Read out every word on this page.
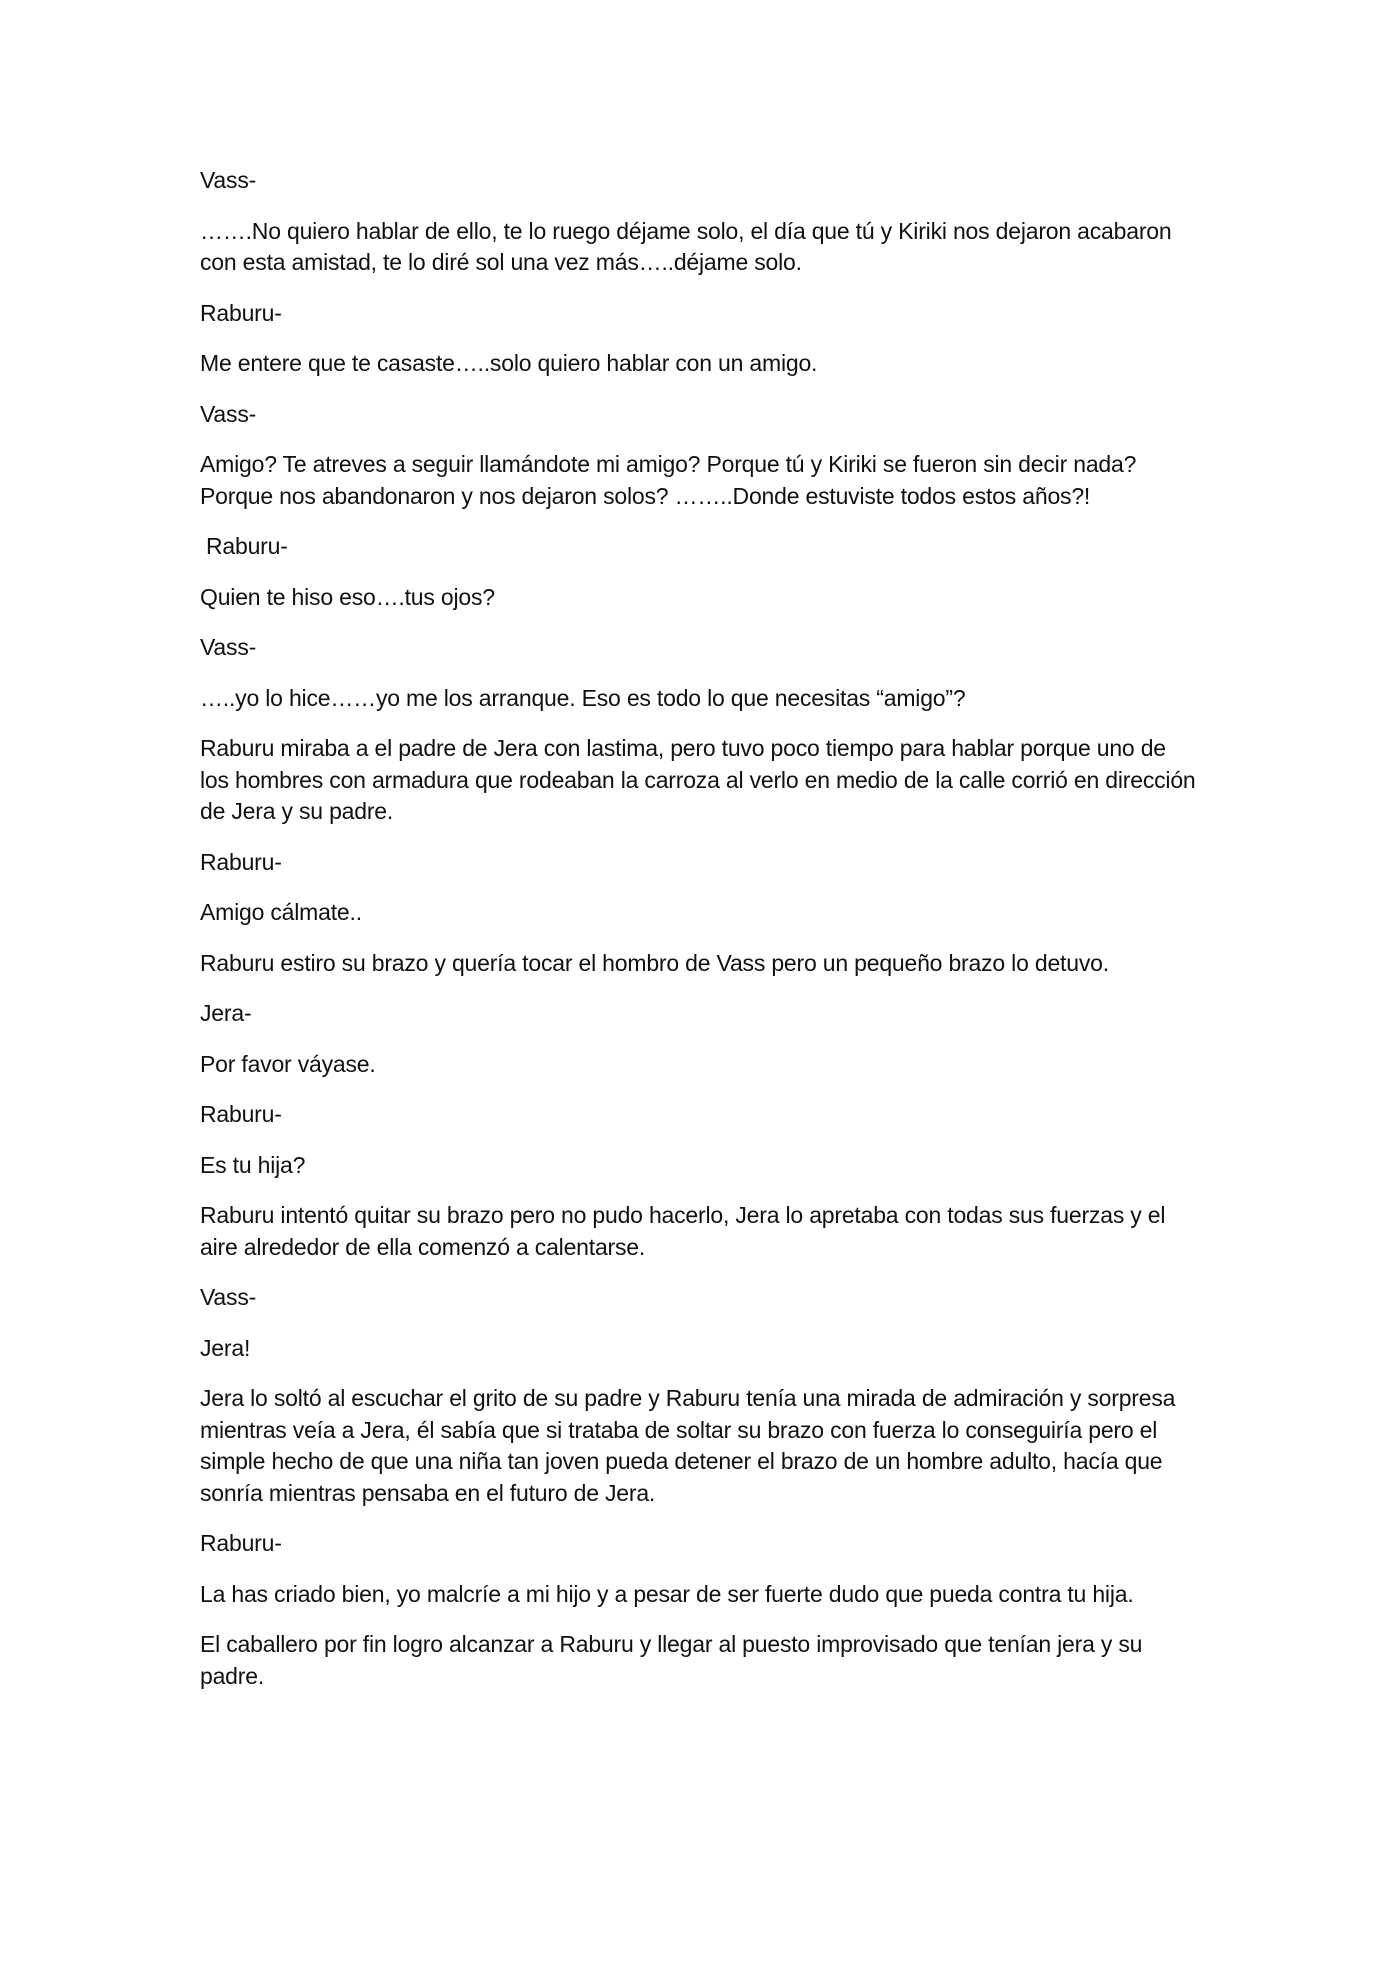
Vass-

…….No quiero hablar de ello, te lo ruego déjame solo, el día que tú y Kiriki nos dejaron acabaron con esta amistad, te lo diré sol una vez más…..déjame solo.

Raburu-

Me entere que te casaste…..solo quiero hablar con un amigo.

Vass-

Amigo? Te atreves a seguir llamándote mi amigo? Porque tú y Kiriki se fueron sin decir nada? Porque nos abandonaron y nos dejaron solos? ……..Donde estuviste todos estos años?!

Raburu-

Quien te hiso eso….tus ojos?

Vass-

…..yo lo hice……yo me los arranque. Eso es todo lo que necesitas “amigo”?

Raburu miraba a el padre de Jera con lastima, pero tuvo poco tiempo para hablar porque uno de los hombres con armadura que rodeaban la carroza al verlo en medio de la calle corrió en dirección de Jera y su padre.

Raburu-

Amigo cálmate..

Raburu estiro su brazo y quería tocar el hombro de Vass pero un pequeño brazo lo detuvo.

Jera-

Por favor váyase.

Raburu-

Es tu hija?

Raburu intentó quitar su brazo pero no pudo hacerlo, Jera lo apretaba con todas sus fuerzas y el aire alrededor de ella comenzó a calentarse.

Vass-

Jera!

Jera lo soltó al escuchar el grito de su padre y Raburu tenía una mirada de admiración y sorpresa mientras veía a Jera, él sabía que si trataba de soltar su brazo con fuerza lo conseguiría pero el simple hecho de que una niña tan joven pueda detener el brazo de un hombre adulto, hacía que sonría mientras pensaba en el futuro de Jera.

Raburu-

La has criado bien, yo malcríe a mi hijo y a pesar de ser fuerte dudo que pueda contra tu hija.

El caballero por fin logro alcanzar a Raburu y llegar al puesto improvisado que tenían jera y su padre.
